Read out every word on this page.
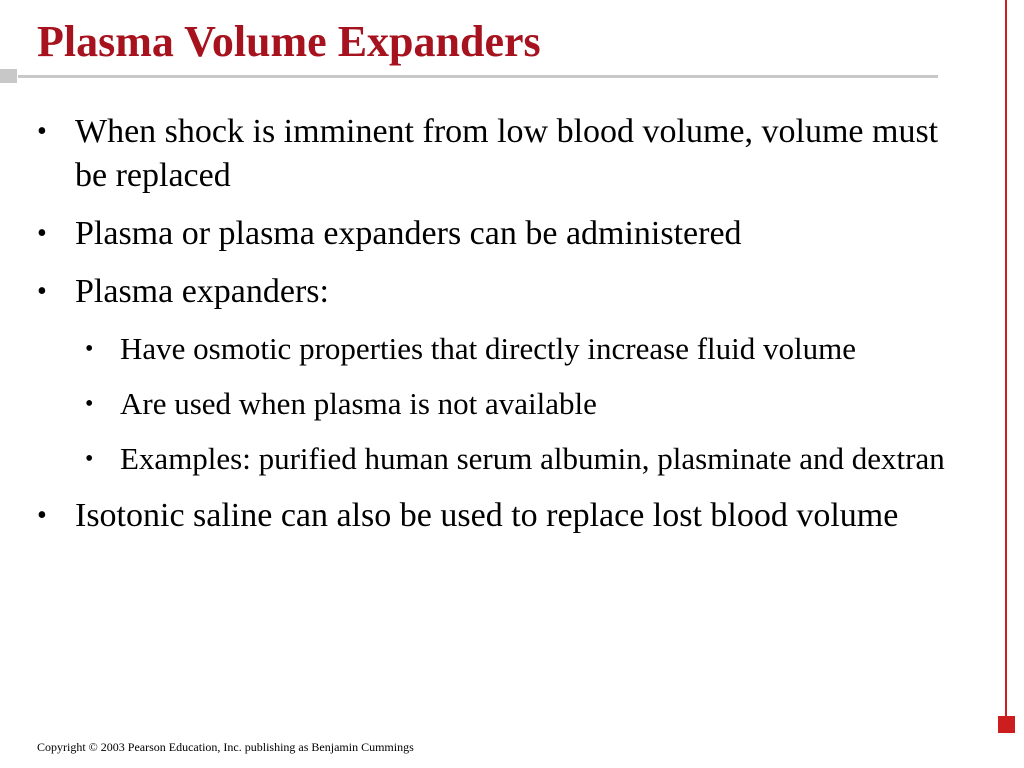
Plasma Volume Expanders
• When shock is imminent from low blood volume, volume must be replaced
• Plasma or plasma expanders can be administered
• Plasma expanders:
• Have osmotic properties that directly increase fluid volume
• Are used when plasma is not available
• Examples: purified human serum albumin, plasminate and dextran
• Isotonic saline can also be used to replace lost blood volume
Copyright © 2003 Pearson Education, Inc. publishing as Benjamin Cummings
